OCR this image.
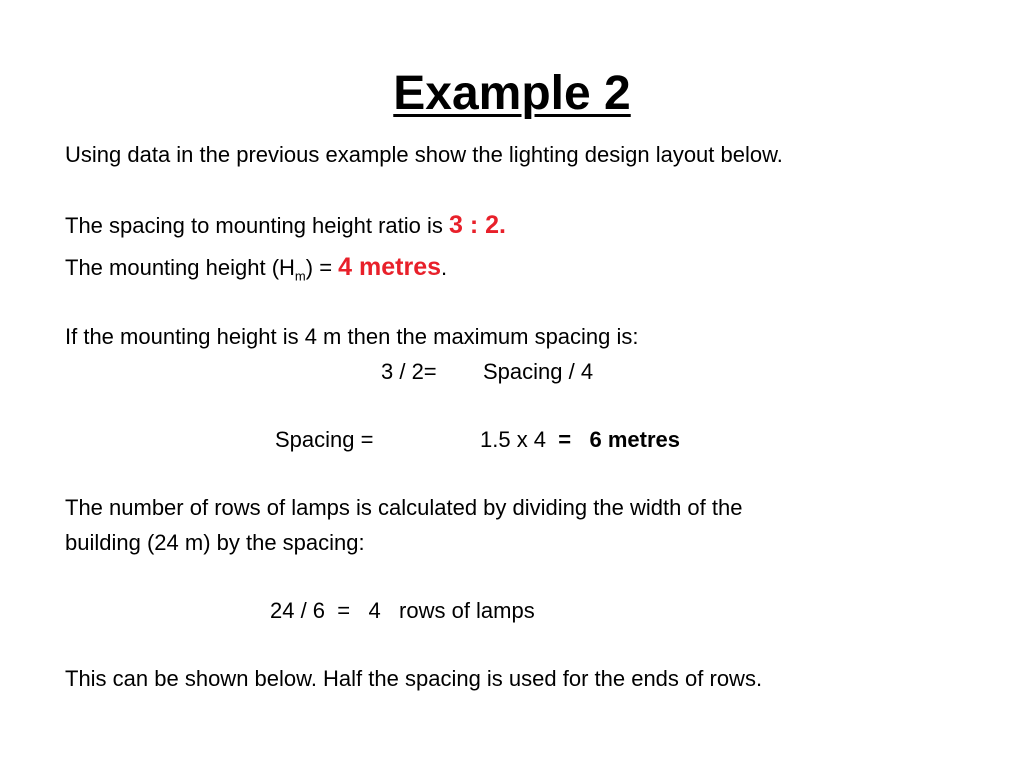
Example 2
Using data in the previous example show the lighting design layout below.
The spacing to mounting height ratio is 3 : 2.
The mounting height $(H_m) = 4$ metres.
If the mounting height is 4 m then the maximum spacing is:
3 / 2= Spacing / 4
Spacing =	1.5 x 4 = 6 metres
The number of rows of lamps is calculated by dividing the width of the
building (24 m) by the spacing:
24 / 6  =   4   rows of lamps
This can be shown below. Half the spacing is used for the ends of rows.
